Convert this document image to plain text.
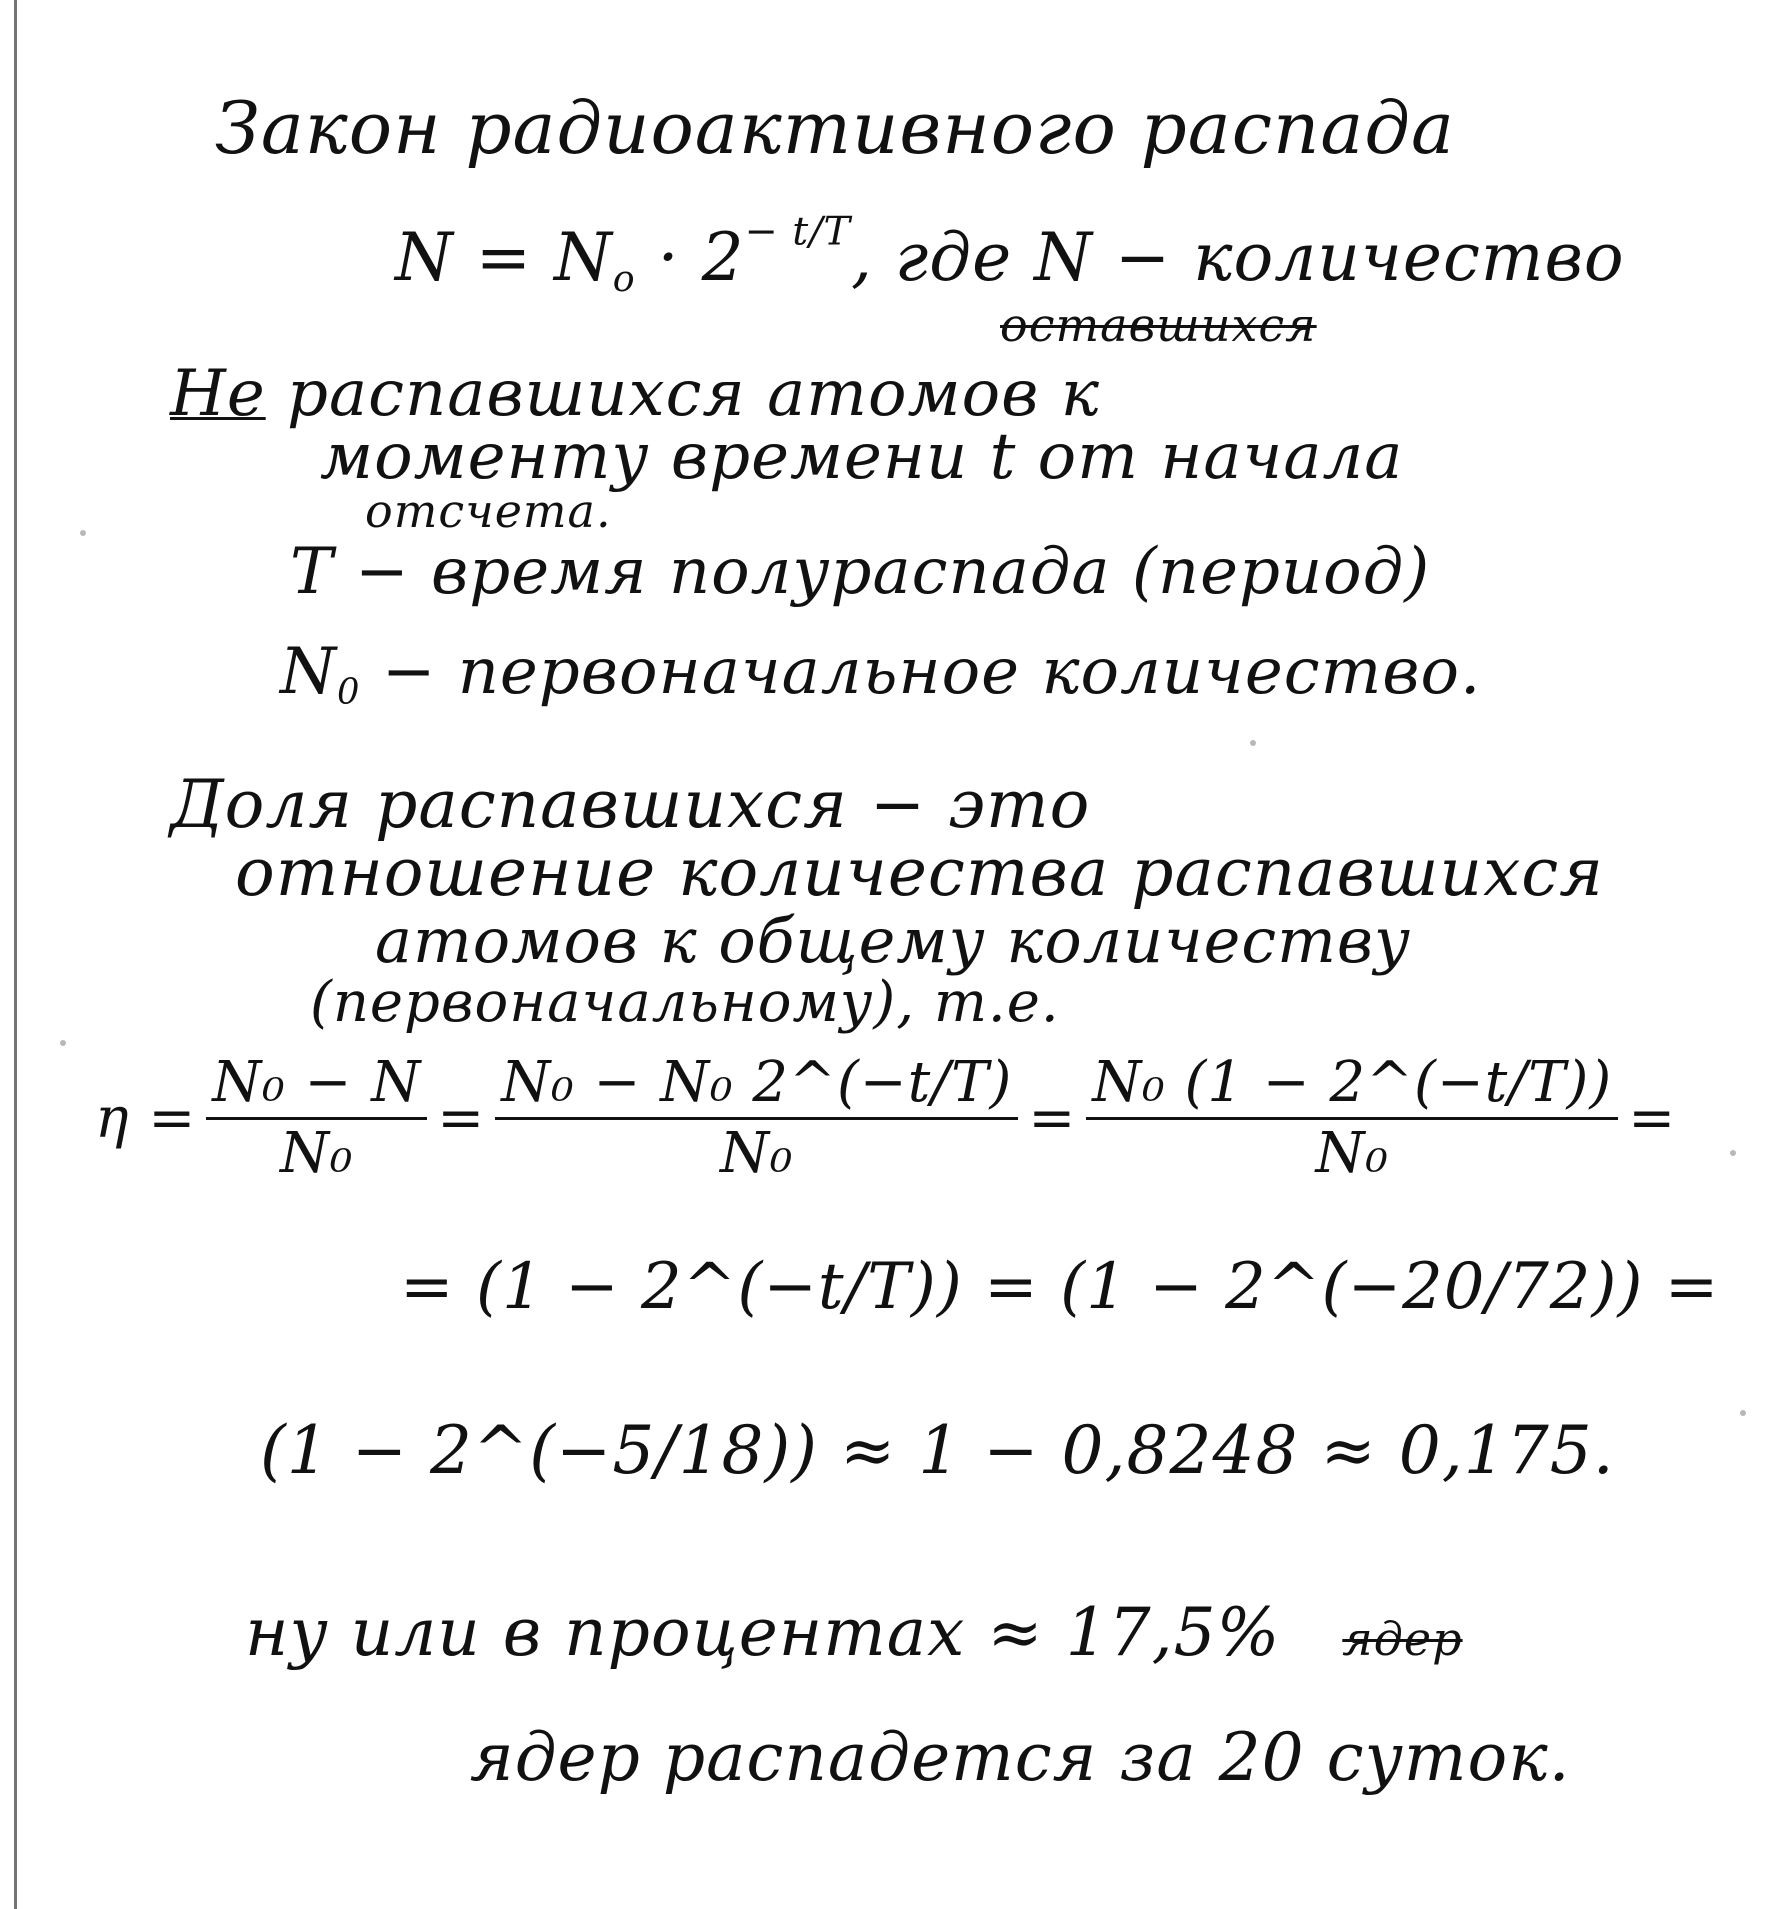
Закон радиоактивного распада
$N = N_o \cdot 2^{- t/T}$, где N − количество
оставшихся
Не распавшихся атомов к
моменту времени t от начала
отсчета.
T − время полураспада (период)
$N_0$ − первоначальное количество.
Доля распавшихся − это
отношение количества распавшихся
атомов к общему количеству
(первоначальному), т.е.
$\eta = \frac{\text{N₀ − N}}{\text{N₀}} = \frac{\text{N₀ − N₀ 2\textasciicircum{}(−t/T)}}{\text{N₀}} = \frac{\text{N₀ (1 − 2\textasciicircum{}(−t/T))}}{\text{N₀}}$ =
= (1 − 2^(−t/T)) = (1 − 2^(−20/72)) =
(1 − 2^(−5/18)) ≈ 1 − 0,8248 ≈ 0,175.
ну или в процентах ≈ 17,5% ядер
ядер распадется за 20 суток.
